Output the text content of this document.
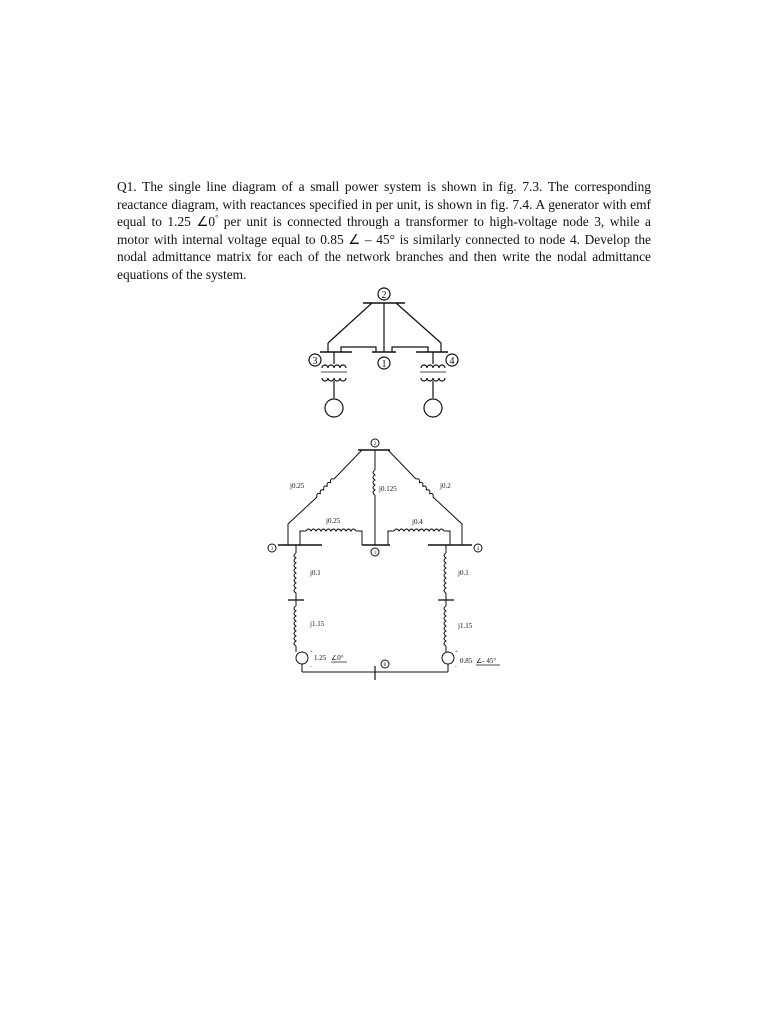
Q1. The single line diagram of a small power system is shown in fig. 7.3. The corresponding reactance diagram, with reactances specified in per unit, is shown in fig. 7.4. A generator with emf equal to 1.25 ∠0° per unit is connected through a transformer to high-voltage node 3, while a motor with internal voltage equal to 0.85 ∠ – 45° is similarly connected to node 4. Develop the nodal admittance matrix for each of the network branches and then write the nodal admittance equations of the system.
2
3	1	4
2
j0.25	j0.125	j0.2
3
1
4
j0.25	j0.4
j0.1
j1.15
+
-
1.25 ∠0°
j0.1
j1.15
+
-
0.85 ∠- 45°
0
